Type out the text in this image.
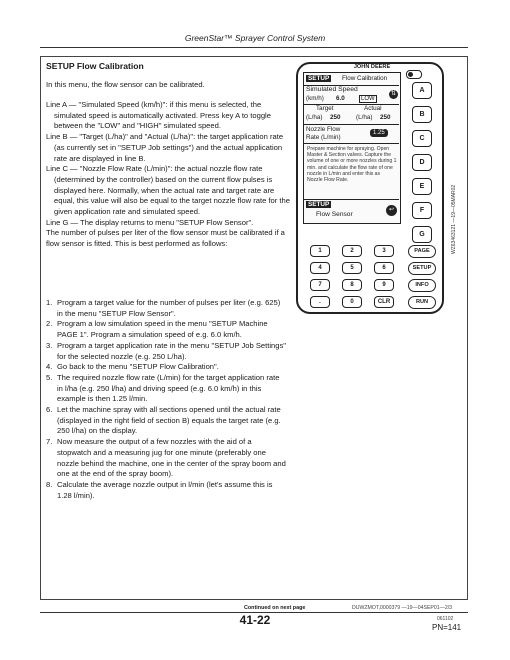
GreenStar™ Sprayer Control System
SETUP Flow Calibration

In this menu, the flow sensor can be calibrated.

Line A — "Simulated Speed (km/h)": if this menu is selected, the simulated speed is automatically activated. Press key A to toggle between the "LOW" and "HIGH" simulated speed.

Line B — "Target (L/ha)" and "Actual (L/ha)": the target application rate (as currently set in "SETUP Job settings") and the actual application rate are displayed in line B.

Line C — "Nozzle Flow Rate (L/min)": the actual nozzle flow rate (determined by the controller) based on the current flow pulses is displayed here. Normally, when the actual rate and target rate are equal, this value will also be equal to the target nozzle flow rate for the given application rate and simulated speed.

Line G — The display returns to menu "SETUP Flow Sensor".

The number of pulses per liter of the flow sensor must be calibrated if a flow sensor is fitted. This is best performed as follows:

1. Program a target value for the number of pulses per liter (e.g. 625) in the menu "SETUP Flow Sensor".
2. Program a low simulation speed in the menu "SETUP Machine PAGE 1". Program a simulation speed of e.g. 6.0 km/h.
3. Program a target application rate in the menu "SETUP Job Settings" for the selected nozzle (e.g. 250 L/ha).
4. Go back to the menu "SETUP Flow Calibration".
5. The required nozzle flow rate (L/min) for the target application rate in l/ha (e.g. 250 l/ha) and driving speed (e.g. 6.0 km/h) in this example is then 1.25 l/min.
6. Let the machine spray with all sections opened until the actual rate (displayed in the right field of section B) equals the target rate (e.g. 250 l/ha) on the display.
7. Now measure the output of a few nozzles with the aid of a stopwatch and a measuring jug for one minute (preferably one nozzle behind the machine, one in the center of the spray boom and one at the end of the spray boom).
8. Calculate the average nozzle output in l/min (let's assume this is 1.28 l/min).
JOHN DEERE
SETUP Flow Calibration
Simulated Speed
(km/h) 6.0	LOW
⇅
Target	Actual
(L/ha) 250 (L/ha) 250
Nozzle Flow
Rate (L/min)
1.25
Prepare machine for spraying. Open Master & Section valves. Capture the volume of one or more nozzles during 1 min. and calculate the flow rate of one nozzle in L/min and enter this as Nozzle Flow Rate.
SETUP
Flow Sensor
↩
A
B
C
D
E
F
G
1	2	3
4	5	6
7	8	9
.	0	CLR
PAGE
SETUP
INFO
RUN
WZ63463121 —19—05MAR02
Continued on next page	DUWZMOT,0000379 —19—04SEP01—2/3
41-22	061102
PN=141
